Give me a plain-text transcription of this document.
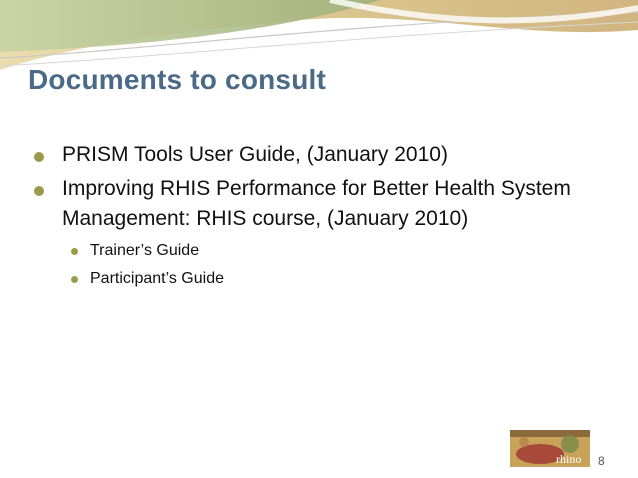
Documents to consult
PRISM Tools User Guide, (January 2010)
Improving RHIS Performance for Better Health System Management: RHIS course, (January 2010)
Trainer’s Guide
Participant’s Guide
rhino 8
